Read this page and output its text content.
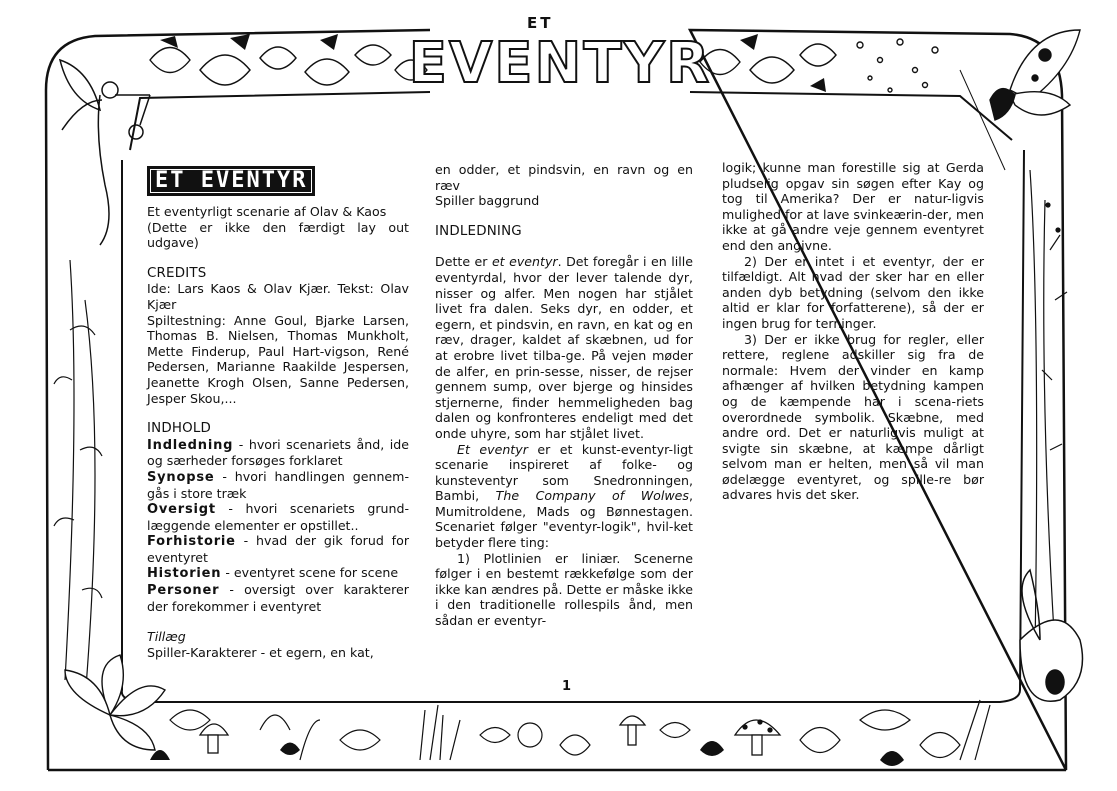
ET
EVENTYR
ET EVENTYR

Et eventyrligt scenarie af Olav & Kaos

(Dette er ikke den færdigt lay out udgave)

CREDITS

Ide: Lars Kaos & Olav Kjær. Tekst: Olav Kjær

Spiltestning: Anne Goul, Bjarke Larsen, Thomas B. Nielsen, Thomas Munkholt, Mette Finderup, Paul Hart-vigson, René Pedersen, Marianne Raakilde Jespersen, Jeanette Krogh Olsen, Sanne Pedersen, Jesper Skou,...

INDHOLD

Indledning - hvori scenariets ånd, ide og særheder forsøges forklaret

Synopse - hvori handlingen gennem-gås i store træk

Oversigt - hvori scenariets grund-læggende elementer er opstillet..

Forhistorie - hvad der gik forud for eventyret

Historien - eventyret scene for scene

Personer - oversigt over karakterer der forekommer i eventyret

Tillæg

Spiller-Karakterer - et egern, en kat,

en odder, et pindsvin, en ravn og en ræv

Spiller baggrund

INDLEDNING

Dette er et eventyr. Det foregår i en lille eventyrdal, hvor der lever talende dyr, nisser og alfer. Men nogen har stjålet livet fra dalen. Seks dyr, en odder, et egern, et pindsvin, en ravn, en kat og en ræv, drager, kaldet af skæbnen, ud for at erobre livet tilba-ge. På vejen møder de alfer, en prin-sesse, nisser, de rejser gennem sump, over bjerge og hinsides stjernerne, finder hemmeligheden bag dalen og konfronteres endeligt med det onde uhyre, som har stjålet livet.

Et eventyr er et kunst-eventyr-ligt scenarie inspireret af folke- og kunsteventyr som Snedronningen, Bambi, The Company of Wolwes, Mumitroldene, Mads og Bønnestagen. Scenariet følger "eventyr-logik", hvil-ket betyder flere ting:

1) Plotlinien er liniær. Scenerne følger i en bestemt rækkefølge som der ikke kan ændres på. Dette er måske ikke i den traditionelle rollespils ånd, men sådan er eventyr-

logik; kunne man forestille sig at Gerda pludselig opgav sin søgen efter Kay og tog til Amerika? Der er natur-ligvis mulighed for at lave svinkeærin-der, men ikke at gå andre veje gennem eventyret end den angivne.

2) Der er intet i et eventyr, der er tilfældigt. Alt hvad der sker har en eller anden dyb betydning (selvom den ikke altid er klar for forfatterene), så der er ingen brug for terninger.

3) Der er ikke brug for regler, eller rettere, reglene adskiller sig fra de normale: Hvem der vinder en kamp afhænger af hvilken betydning kampen og de kæmpende har i scena-riets overordnede symbolik. Skæbne, med andre ord. Det er naturligvis muligt at svigte sin skæbne, at kæmpe dårligt selvom man er helten, men så vil man ødelægge eventyret, og spille-re bør advares hvis det sker.

1
